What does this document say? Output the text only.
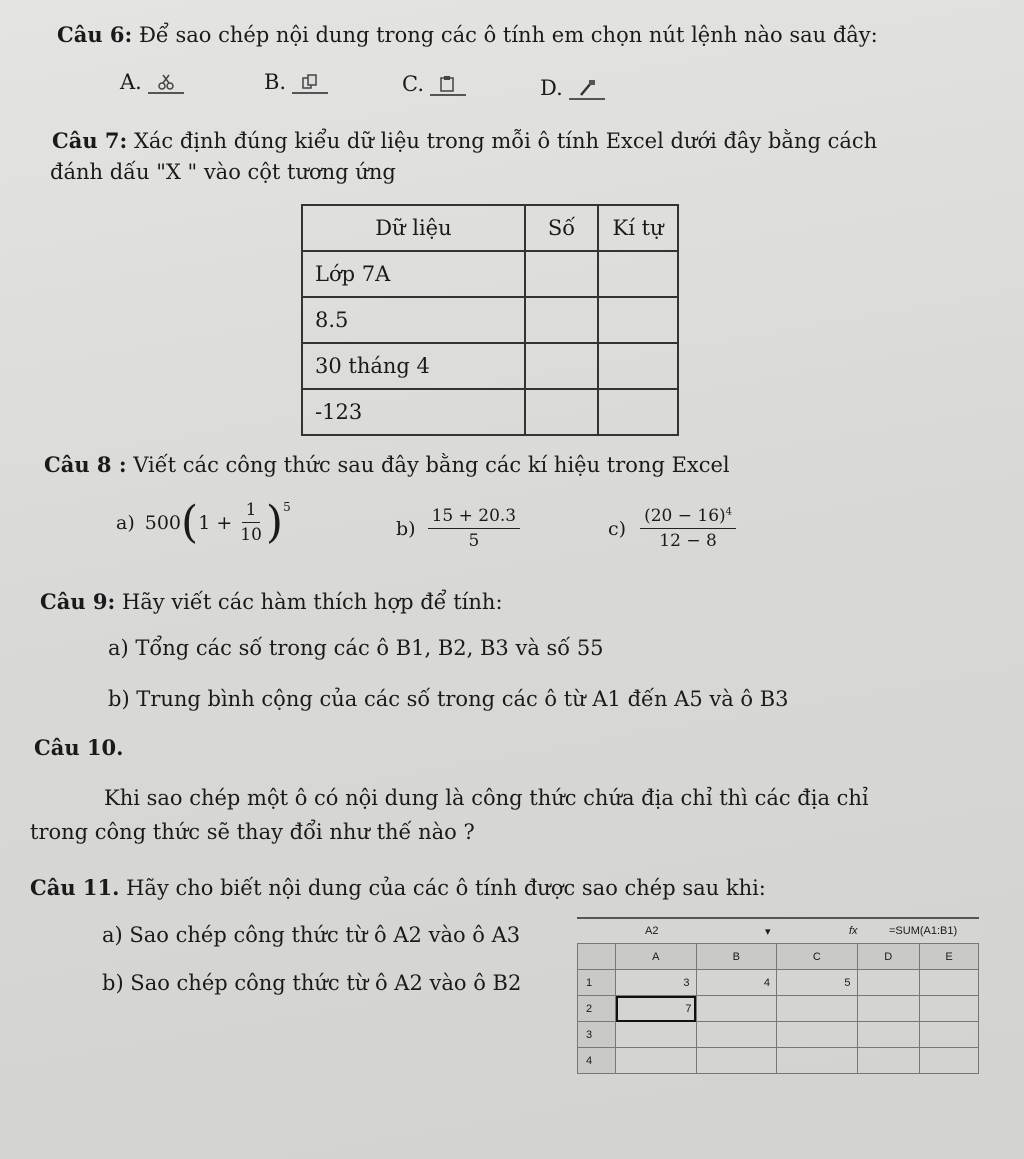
Câu 6: Để sao chép nội dung trong các ô tính em chọn nút lệnh nào sau đây:
A.	B.	C.	D.
Câu 7: Xác định đúng kiểu dữ liệu trong mỗi ô tính Excel dưới đây bằng cách
đánh dấu "X " vào cột tương ứng
Dữ liệu	Số	Kí tự
Lớp 7A		
8.5		
30 tháng 4		
-123		
Câu 8 : Viết các công thức sau đây bằng các kí hiệu trong Excel
a) 500 ( $1 + \frac{1}{10} )^5$
$b) \frac{15 + 20.3}{5}$	$c) \frac{(20 - 16)^4}{12 - 8}$
Câu 9: Hãy viết các hàm thích hợp để tính:
a) Tổng các số trong các ô B1, B2, B3 và số 55
b) Trung bình cộng của các số trong các ô từ A1 đến A5 và ô B3
Câu 10.
Khi sao chép một ô có nội dung là công thức chứa địa chỉ thì các địa chỉ
trong công thức sẽ thay đổi như thế nào ?
Câu 11. Hãy cho biết nội dung của các ô tính được sao chép sau khi:
a) Sao chép công thức từ ô A2 vào ô A3
b) Sao chép công thức từ ô A2 vào ô B2
A2	▾	fx	=SUM(A1:B1)
	A	B	C	D	E
1	3	4	5		
2	7				
3					
4					
